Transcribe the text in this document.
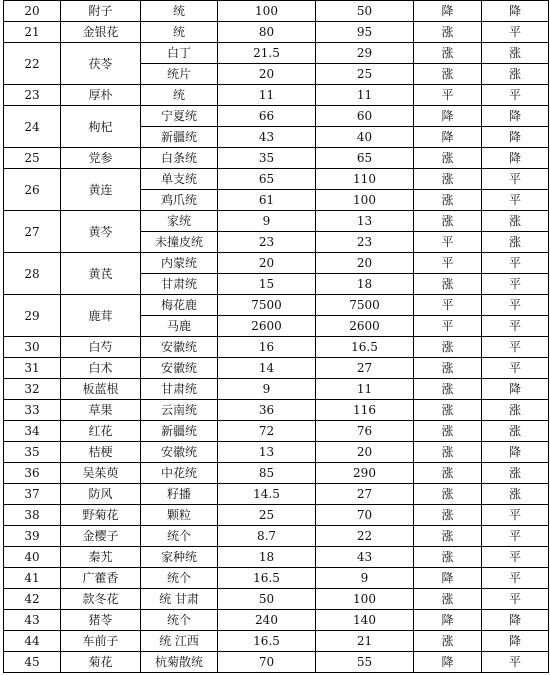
20	附子	统	100	50	降	降
21	金银花	统	80	95	涨	平
22	茯苓	白丁	21.5	29	涨	涨
		统片	20	25	涨	涨
23	厚朴	统	11	11	平	平
24	枸杞	宁夏统	66	60	降	降
		新疆统	43	40	降	降
25	党参	白条统	35	65	涨	降
26	黄连	单支统	65	110	涨	平
		鸡爪统	61	100	涨	平
27	黄芩	家统	9	13	涨	涨
		未撞皮统	23	23	平	涨
28	黄芪	内蒙统	20	20	平	平
		甘肃统	15	18	涨	平
29	鹿茸	梅花鹿	7500	7500	平	平
		马鹿	2600	2600	平	平
30	白芍	安徽统	16	16.5	涨	平
31	白术	安徽统	14	27	涨	平
32	板蓝根	甘肃统	9	11	涨	降
33	草果	云南统	36	116	涨	涨
34	红花	新疆统	72	76	涨	涨
35	桔梗	安徽统	13	20	涨	降
36	吴茱萸	中花统	85	290	涨	涨
37	防风	籽播	14.5	27	涨	涨
38	野菊花	颗粒	25	70	涨	平
39	金樱子	统个	8.7	22	涨	平
40	秦艽	家种统	18	43	涨	平
41	广藿香	统个	16.5	9	降	平
42	款冬花	统 甘肃	50	100	涨	平
43	猪苓	统个	240	140	降	降
44	车前子	统 江西	16.5	21	涨	降
45	菊花	杭菊散统	70	55	降	平
